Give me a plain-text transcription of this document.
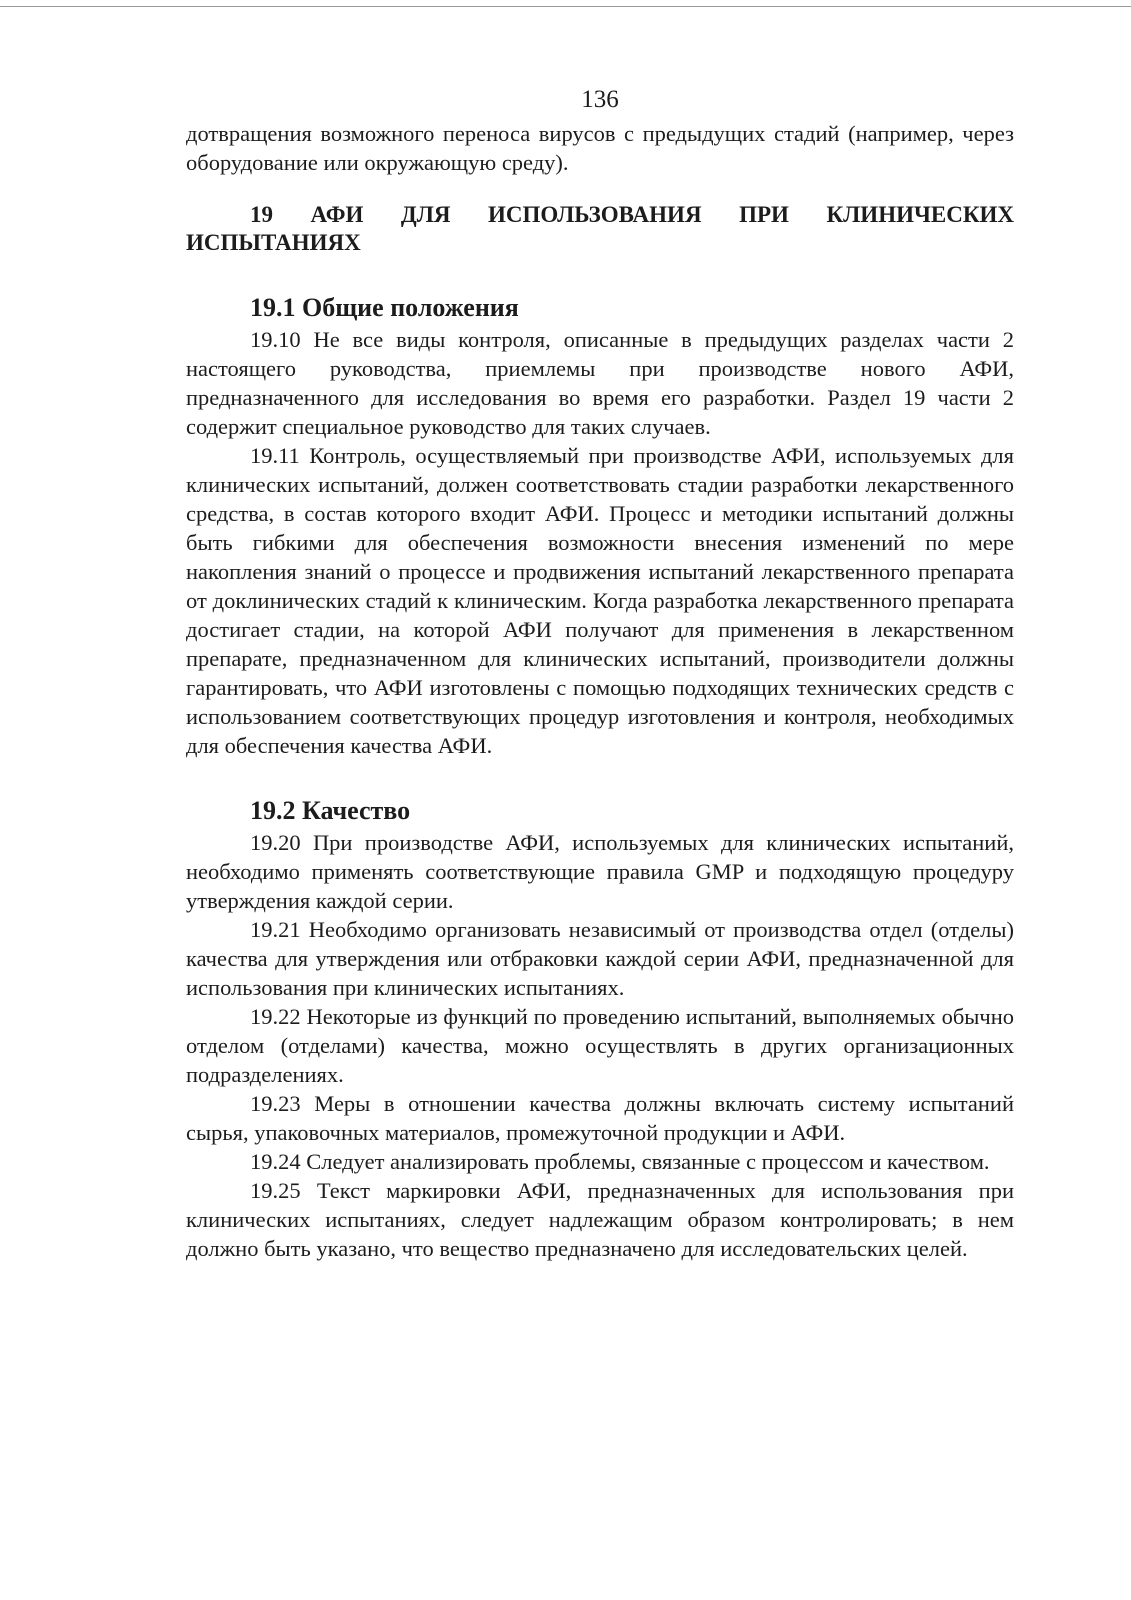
136

дотвращения возможного переноса вирусов с предыдущих стадий (например, через оборудование или окружающую среду).

19 АФИ ДЛЯ ИСПОЛЬЗОВАНИЯ ПРИ КЛИНИЧЕСКИХ ИСПЫТАНИЯХ

19.1 Общие положения

19.10 Не все виды контроля, описанные в предыдущих разделах части 2 настоящего руководства, приемлемы при производстве нового АФИ, предназначенного для исследования во время его разработки. Раздел 19 части 2 содержит специальное руководство для таких случаев.

19.11 Контроль, осуществляемый при производстве АФИ, используемых для клинических испытаний, должен соответствовать стадии разработки лекарственного средства, в состав которого входит АФИ. Процесс и методики испытаний должны быть гибкими для обеспечения возможности внесения изменений по мере накопления знаний о процессе и продвижения испытаний лекарственного препарата от доклинических стадий к клиническим. Когда разработка лекарственного препарата достигает стадии, на которой АФИ получают для применения в лекарственном препарате, предназначенном для клинических испытаний, производители должны гарантировать, что АФИ изготовлены с помощью подходящих технических средств с использованием соответствующих процедур изготовления и контроля, необходимых для обеспечения качества АФИ.

19.2 Качество

19.20 При производстве АФИ, используемых для клинических испытаний, необходимо применять соответствующие правила GMP и подходящую процедуру утверждения каждой серии.

19.21 Необходимо организовать независимый от производства отдел (отделы) качества для утверждения или отбраковки каждой серии АФИ, предназначенной для использования при клинических испытаниях.

19.22 Некоторые из функций по проведению испытаний, выполняемых обычно отделом (отделами) качества, можно осуществлять в других организационных подразделениях.

19.23 Меры в отношении качества должны включать систему испытаний сырья, упаковочных материалов, промежуточной продукции и АФИ.

19.24 Следует анализировать проблемы, связанные с процессом и качеством.

19.25 Текст маркировки АФИ, предназначенных для использования при клинических испытаниях, следует надлежащим образом контролировать; в нем должно быть указано, что вещество предназначено для исследовательских целей.
